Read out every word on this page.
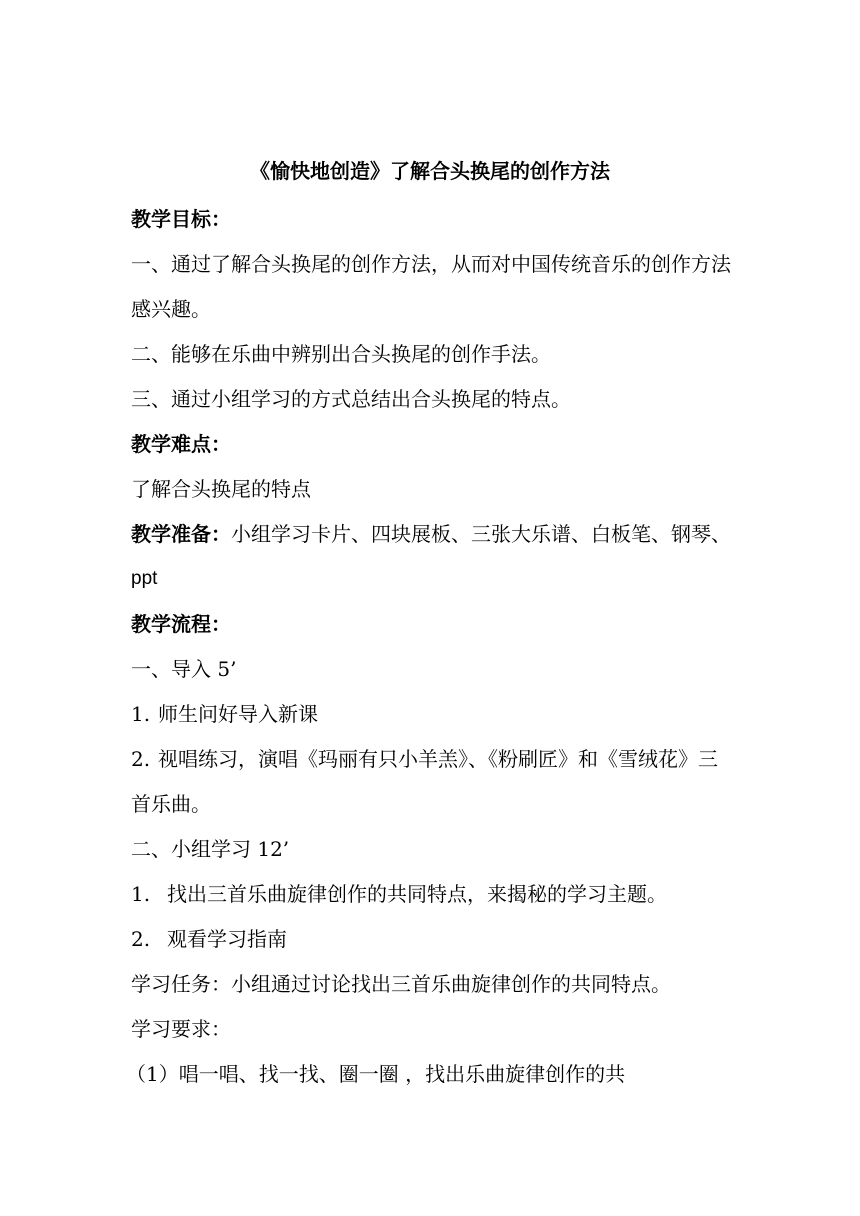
《愉快地创造》了解合头换尾的创作方法
教学目标：
一、通过了解合头换尾的创作方法，从而对中国传统音乐的创作方法
感兴趣。
二、能够在乐曲中辨别出合头换尾的创作手法。
三、通过小组学习的方式总结出合头换尾的特点。
教学难点：
了解合头换尾的特点
教学准备：小组学习卡片、四块展板、三张大乐谱、白板笔、钢琴、
ppt
教学流程：
一、导入 5’
1. 师生问好导入新课
2. 视唱练习，演唱《玛丽有只小羊羔》、《粉刷匠》和《雪绒花》三
首乐曲。
二、小组学习 12’
1. 找出三首乐曲旋律创作的共同特点，来揭秘的学习主题。
2. 观看学习指南
学习任务：小组通过讨论找出三首乐曲旋律创作的共同特点。
学习要求：
（1）唱一唱、找一找、圈一圈 ，找出乐曲旋律创作的共
